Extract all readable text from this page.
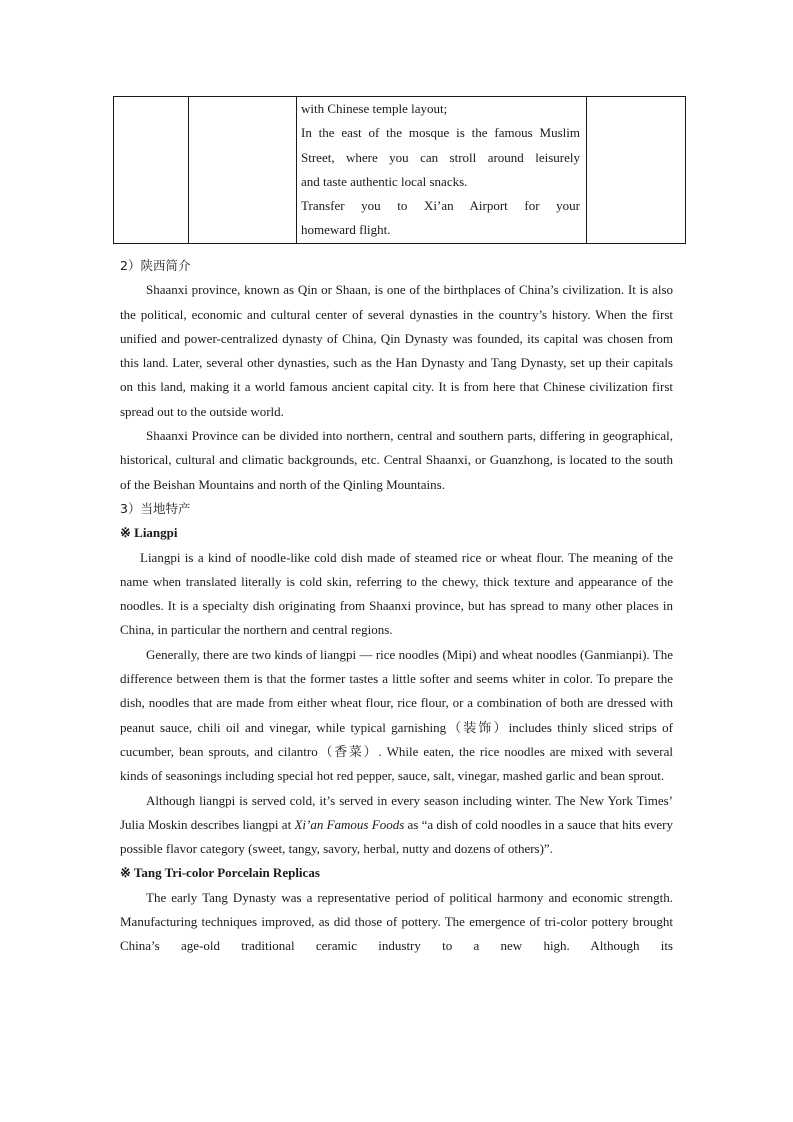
with Chinese temple layout;
In the east of the mosque is the famous Muslim
Street, where you can stroll around leisurely
and taste authentic local snacks.
Transfer you to Xi’an Airport for your
homeward flight.

2）陕西简介

Shaanxi province, known as Qin or Shaan, is one of the birthplaces of China’s civilization. It is also the political, economic and cultural center of several dynasties in the country’s history. When the first unified and power-centralized dynasty of China, Qin Dynasty was founded, its capital was chosen from this land. Later, several other dynasties, such as the Han Dynasty and Tang Dynasty, set up their capitals on this land, making it a world famous ancient capital city. It is from here that Chinese civilization first spread out to the outside world.

Shaanxi Province can be divided into northern, central and southern parts, differing in geographical, historical, cultural and climatic backgrounds, etc. Central Shaanxi, or Guanzhong, is located to the south of the Beishan Mountains and north of the Qinling Mountains.

3）当地特产

※ Liangpi

Liangpi is a kind of noodle-like cold dish made of steamed rice or wheat flour. The meaning of the name when translated literally is cold skin, referring to the chewy, thick texture and appearance of the noodles. It is a specialty dish originating from Shaanxi province, but has spread to many other places in China, in particular the northern and central regions.

Generally, there are two kinds of liangpi — rice noodles (Mipi) and wheat noodles (Ganmianpi). The difference between them is that the former tastes a little softer and seems whiter in color. To prepare the dish, noodles that are made from either wheat flour, rice flour, or a combination of both are dressed with peanut sauce, chili oil and vinegar, while typical garnishing（装饰）includes thinly sliced strips of cucumber, bean sprouts, and cilantro（香菜）. While eaten, the rice noodles are mixed with several kinds of seasonings including special hot red pepper, sauce, salt, vinegar, mashed garlic and bean sprout.

Although liangpi is served cold, it’s served in every season including winter. The New York Times’ Julia Moskin describes liangpi at Xi’an Famous Foods as “a dish of cold noodles in a sauce that hits every possible flavor category (sweet, tangy, savory, herbal, nutty and dozens of others)”.

※ Tang Tri-color Porcelain Replicas

The early Tang Dynasty was a representative period of political harmony and economic strength. Manufacturing techniques improved, as did those of pottery. The emergence of tri-color pottery brought China’s age-old traditional ceramic industry to a new high. Although its
